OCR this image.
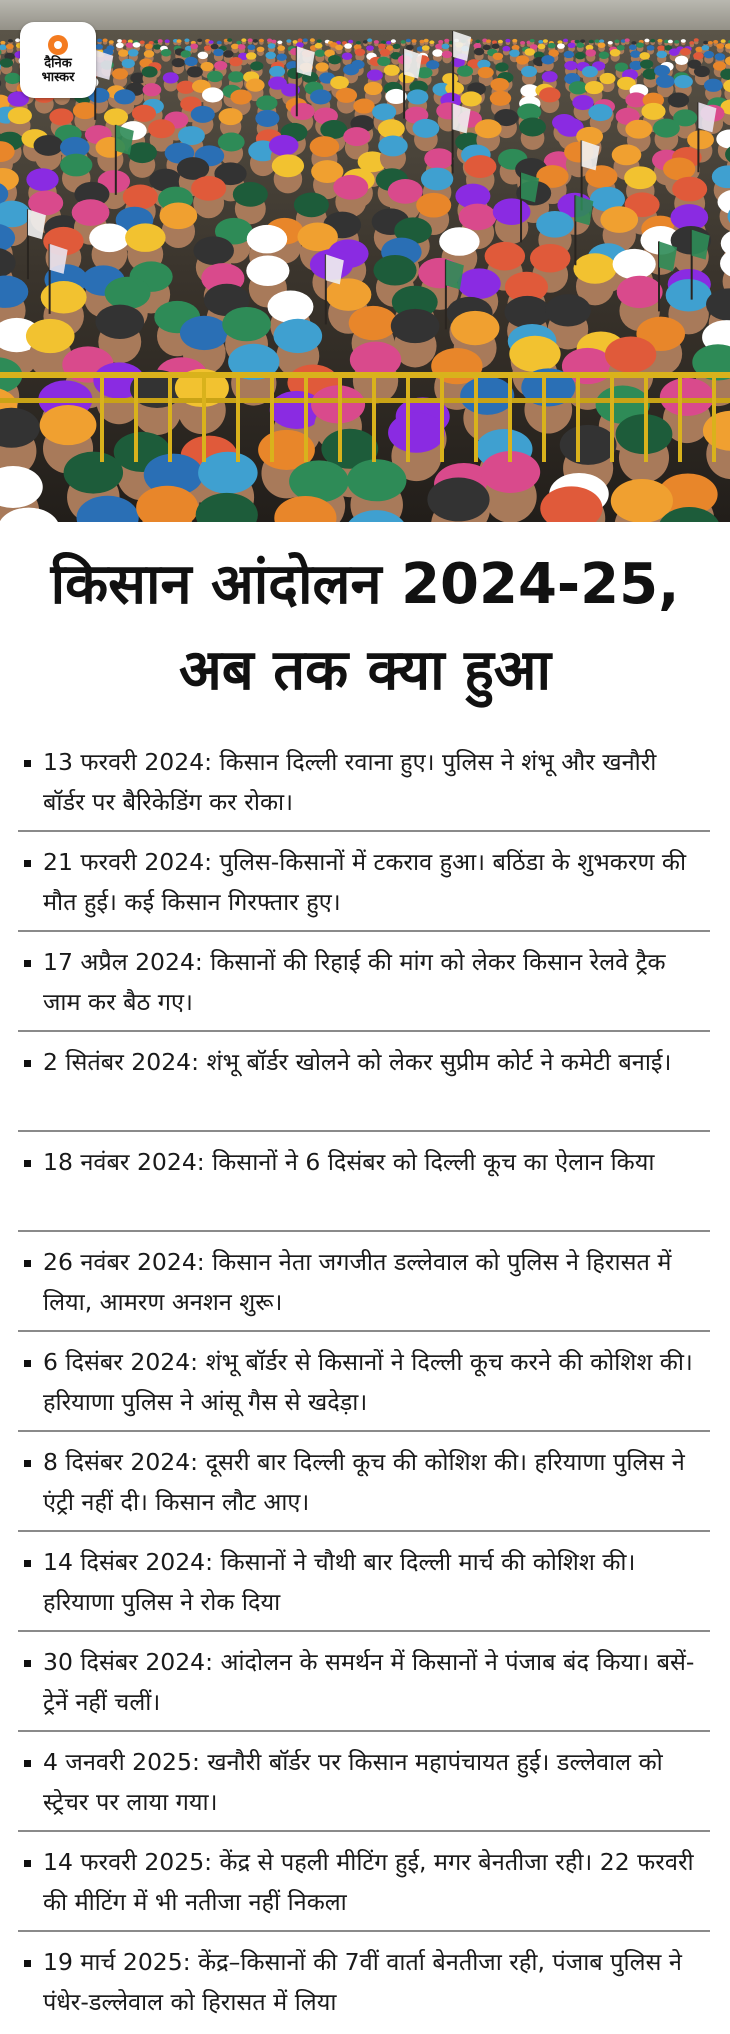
दैनिक
भास्कर
किसान आंदोलन 2024-25, अब तक क्या हुआ
13 फरवरी 2024: किसान दिल्ली रवाना हुए। पुलिस ने शंभू और खनौरी बॉर्डर पर बैरिकेडिंग कर रोका।
21 फरवरी 2024: पुलिस-किसानों में टकराव हुआ। बठिंडा के शुभकरण की मौत हुई। कई किसान गिरफ्तार हुए।
17 अप्रैल 2024: किसानों की रिहाई की मांग को लेकर किसान रेलवे ट्रैक जाम कर बैठ गए।
2 सितंबर 2024: शंभू बॉर्डर खोलने को लेकर सुप्रीम कोर्ट ने कमेटी बनाई।
18 नवंबर 2024: किसानों ने 6 दिसंबर को दिल्ली कूच का ऐलान किया
26 नवंबर 2024: किसान नेता जगजीत डल्लेवाल को पुलिस ने हिरासत में लिया, आमरण अनशन शुरू।
6 दिसंबर 2024: शंभू बॉर्डर से किसानों ने दिल्ली कूच करने की कोशिश की। हरियाणा पुलिस ने आंसू गैस से खदेड़ा।
8 दिसंबर 2024: दूसरी बार दिल्ली कूच की कोशिश की। हरियाणा पुलिस ने एंट्री नहीं दी। किसान लौट आए।
14 दिसंबर 2024: किसानों ने चौथी बार दिल्ली मार्च की कोशिश की। हरियाणा पुलिस ने रोक दिया
30 दिसंबर 2024: आंदोलन के समर्थन में किसानों ने पंजाब बंद किया। बसें-ट्रेनें नहीं चलीं।
4 जनवरी 2025: खनौरी बॉर्डर पर किसान महापंचायत हुई। डल्लेवाल को स्ट्रेचर पर लाया गया।
14 फरवरी 2025: केंद्र से पहली मीटिंग हुई, मगर बेनतीजा रही। 22 फरवरी की मीटिंग में भी नतीजा नहीं निकला
19 मार्च 2025: केंद्र–किसानों की 7वीं वार्ता बेनतीजा रही, पंजाब पुलिस ने पंधेर-डल्लेवाल को हिरासत में लिया
